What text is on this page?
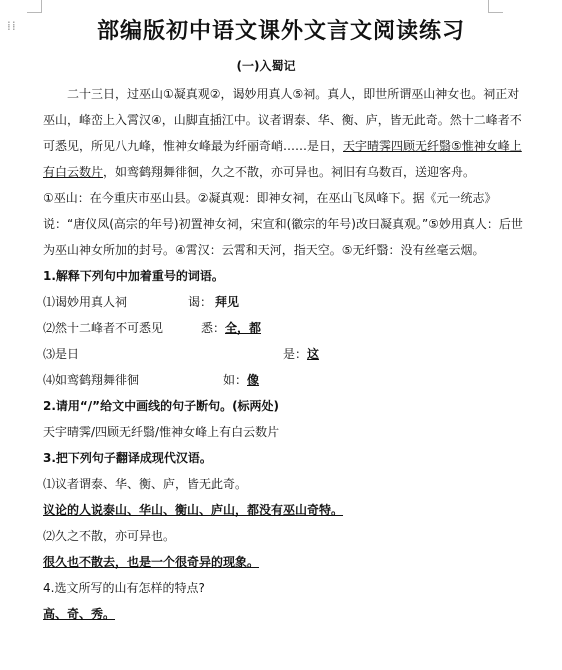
⁞⁞	部编版初中语文课外文言文阅读练习
(一)入蜀记

二十三日，过巫山①凝真观②，谒妙用真人⑤祠。真人，即世所谓巫山神女也。祠正对巫山，峰峦上入霄汉④，山脚直插江中。议者谓泰、华、衡、庐，皆无此奇。然十二峰者不可悉见，所见八九峰，惟神女峰最为纤丽奇峭……是日，天宇晴霁四顾无纤翳⑤惟神女峰上有白云数片，如鸾鹤翔舞徘徊，久之不散，亦可异也。祠旧有乌数百，送迎客舟。

①巫山：在今重庆市巫山县。②凝真观：即神女祠，在巫山飞凤峰下。据《元一统志》说：“唐仪凤(高宗的年号)初置神女祠，宋宣和(徽宗的年号)改曰凝真观。”⑤妙用真人：后世为巫山神女所加的封号。④霄汉：云霄和天河，指天空。⑤无纤翳：没有丝毫云烟。

1.解释下列句中加着重号的词语。

⑴谒妙用真人祠	谒： 拜见
⑵然十二峰者不可悉见	悉： 全，都
⑶是日	是： 这
⑷如鸾鹤翔舞徘徊	如： 像

2.请用“/”给文中画线的句子断句。(标两处)

天宇晴霁/四顾无纤翳/惟神女峰上有白云数片

3.把下列句子翻译成现代汉语。

⑴议者谓泰、华、衡、庐，皆无此奇。

议论的人说泰山、华山、衡山、庐山，都没有巫山奇特。

⑵久之不散，亦可异也。

很久也不散去，也是一个很奇异的现象。

4.选文所写的山有怎样的特点?

高、奇、秀。
